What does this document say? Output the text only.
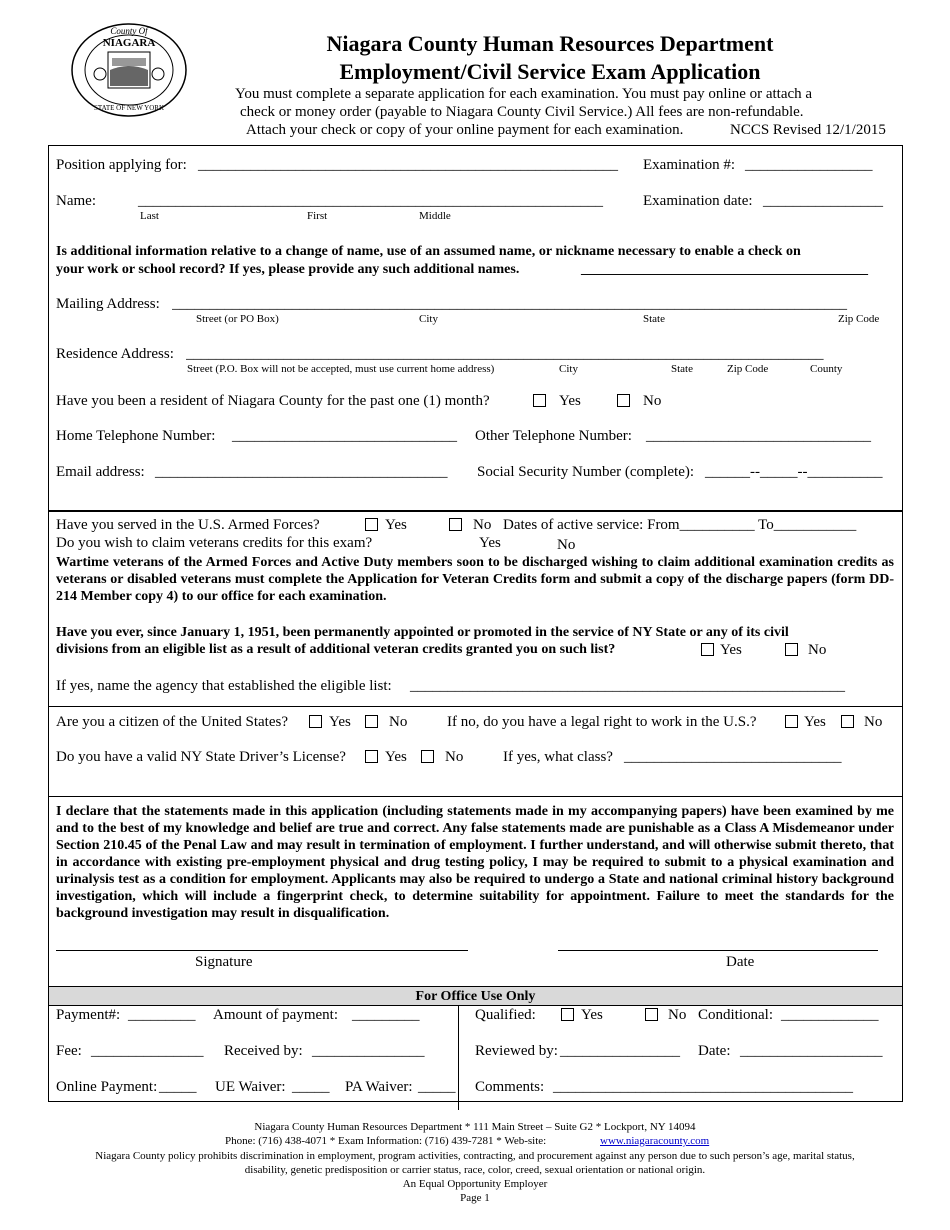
County Of
NIAGARA
STATE OF NEW YORK
Niagara County Human Resources Department
Employment/Civil Service Exam Application
You must complete a separate application for each examination. You must pay online or attach a
check or money order (payable to Niagara County Civil Service.) All fees are non-refundable.
Attach your check or copy of your online payment for each examination.	NCCS Revised 12/1/2015
Position applying for: ________________________________________________________ Examination #: _________________
Name:	______________________________________________________________	Examination date: ________________
Last	First	Middle
Is additional information relative to a change of name, use of an assumed name, or nickname necessary to enable a check on
your work or school record? If yes, please provide any such additional names.	_________________________________________
Mailing Address: __________________________________________________________________________________________
Street (or PO Box)	City	State	Zip Code
Residence Address: _____________________________________________________________________________________
Street (P.O. Box will not be accepted, must use current home address)	City	State	Zip Code	County
Have you been a resident of Niagara County for the past one (1) month?	Yes	No
Home Telephone Number: ______________________________ Other Telephone Number: ______________________________
Email address: _______________________________________ Social Security Number (complete): ______--_____--__________
Have you served in the U.S. Armed Forces?	Yes	No Dates of active service: From__________ To___________
Do you wish to claim veterans credits for this exam?	Yes	No
Wartime veterans of the Armed Forces and Active Duty members soon to be discharged wishing to claim additional examination credits as veterans or disabled veterans must complete the Application for Veteran Credits form and submit a copy of the discharge papers (form DD-214 Member copy 4) to our office for each examination.
Have you ever, since January 1, 1951, been permanently appointed or promoted in the service of NY State or any of its civil
divisions from an eligible list as a result of additional veteran credits granted you on such list?	Yes	No
If yes, name the agency that established the eligible list: __________________________________________________________
Are you a citizen of the United States?	Yes	No	If no, do you have a legal right to work in the U.S.?	Yes	No
Do you have a valid NY State Driver’s License?	Yes	No	If yes, what class? _____________________________
I declare that the statements made in this application (including statements made in my accompanying papers) have been examined by me and to the best of my knowledge and belief are true and correct. Any false statements made are punishable as a Class A Misdemeanor under Section 210.45 of the Penal Law and may result in termination of employment. I further understand, and will otherwise submit thereto, that in accordance with existing pre-employment physical and drug testing policy, I may be required to submit to a physical examination and urinalysis test as a condition for employment. Applicants may also be required to undergo a State and national criminal history background investigation, which will include a fingerprint check, to determine suitability for appointment. Failure to meet the standards for the background investigation may result in disqualification.
Signature	Date
For Office Use Only
Payment#: _________ Amount of payment: _________
Fee: _______________ Received by: _______________
Online Payment: _____ UE Waiver: _____ PA Waiver: _____
Qualified:	Yes	No Conditional: _____________
Reviewed by: ________________ Date: ___________________
Comments: ________________________________________
Niagara County Human Resources Department * 111 Main Street – Suite G2 * Lockport, NY 14094
Phone: (716) 438-4071 * Exam Information: (716) 439-7281 * Web-site:	www.niagaracounty.com
Niagara County policy prohibits discrimination in employment, program activities, contracting, and procurement against any person due to such person’s age, marital status,
disability, genetic predisposition or carrier status, race, color, creed, sexual orientation or national origin.
An Equal Opportunity Employer
Page 1
